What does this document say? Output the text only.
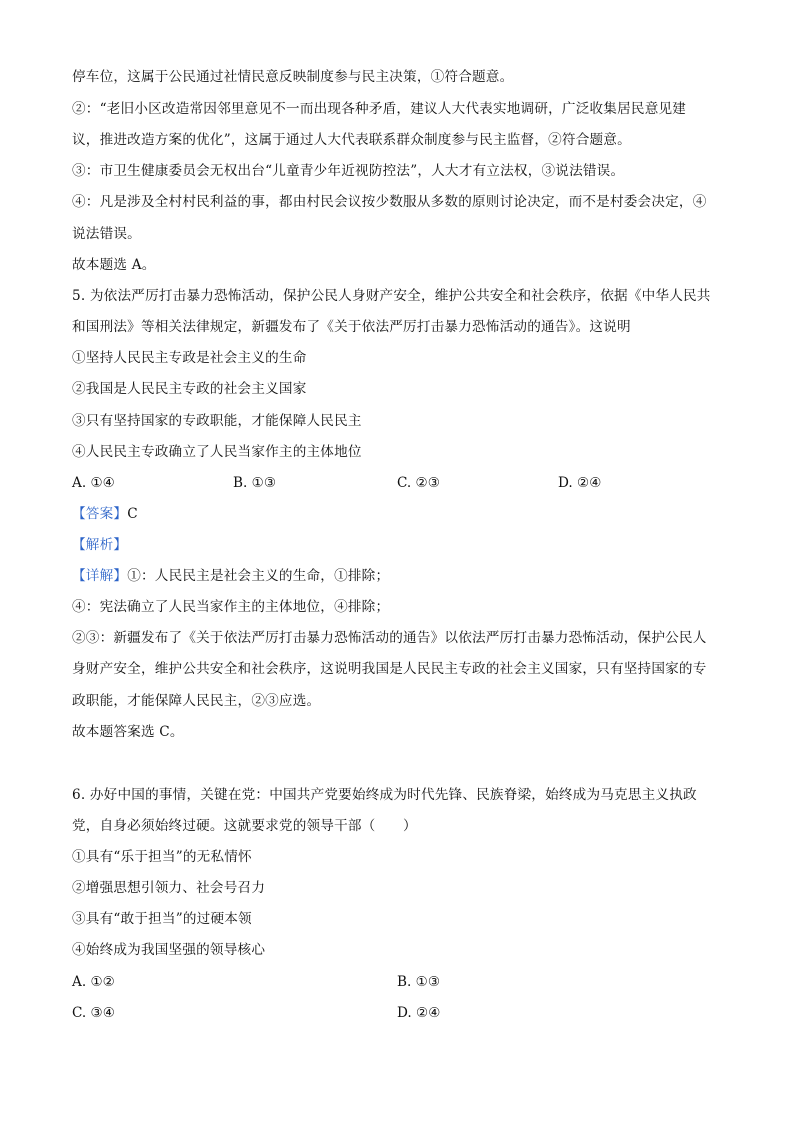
停车位，这属于公民通过社情民意反映制度参与民主决策，①符合题意。
②：“老旧小区改造常因邻里意见不一而出现各种矛盾，建议人大代表实地调研，广泛收集居民意见建
议，推进改造方案的优化”，这属于通过人大代表联系群众制度参与民主监督，②符合题意。
③：市卫生健康委员会无权出台“儿童青少年近视防控法”，人大才有立法权，③说法错误。
④：凡是涉及全村村民利益的事，都由村民会议按少数服从多数的原则讨论决定，而不是村委会决定，④
说法错误。
故本题选 A。
5. 为依法严厉打击暴力恐怖活动，保护公民人身财产安全，维护公共安全和社会秩序，依据《中华人民共
和国刑法》等相关法律规定，新疆发布了《关于依法严厉打击暴力恐怖活动的通告》。这说明
①坚持人民民主专政是社会主义的生命
②我国是人民民主专政的社会主义国家
③只有坚持国家的专政职能，才能保障人民民主
④人民民主专政确立了人民当家作主的主体地位
A. ①④	B. ①③	C. ②③	D. ②④
【答案】C
【解析】
【详解】①：人民民主是社会主义的生命，①排除；
④：宪法确立了人民当家作主的主体地位，④排除；
②③：新疆发布了《关于依法严厉打击暴力恐怖活动的通告》以依法严厉打击暴力恐怖活动，保护公民人
身财产安全，维护公共安全和社会秩序，这说明我国是人民民主专政的社会主义国家，只有坚持国家的专
政职能，才能保障人民民主，②③应选。
故本题答案选 C。
6. 办好中国的事情，关键在党：中国共产党要始终成为时代先锋、民族脊梁，始终成为马克思主义执政
党，自身必须始终过硬。这就要求党的领导干部（　　）
①具有“乐于担当”的无私情怀
②增强思想引领力、社会号召力
③具有“敢于担当”的过硬本领
④始终成为我国坚强的领导核心
A. ①②	B. ①③
C. ③④	D. ②④
